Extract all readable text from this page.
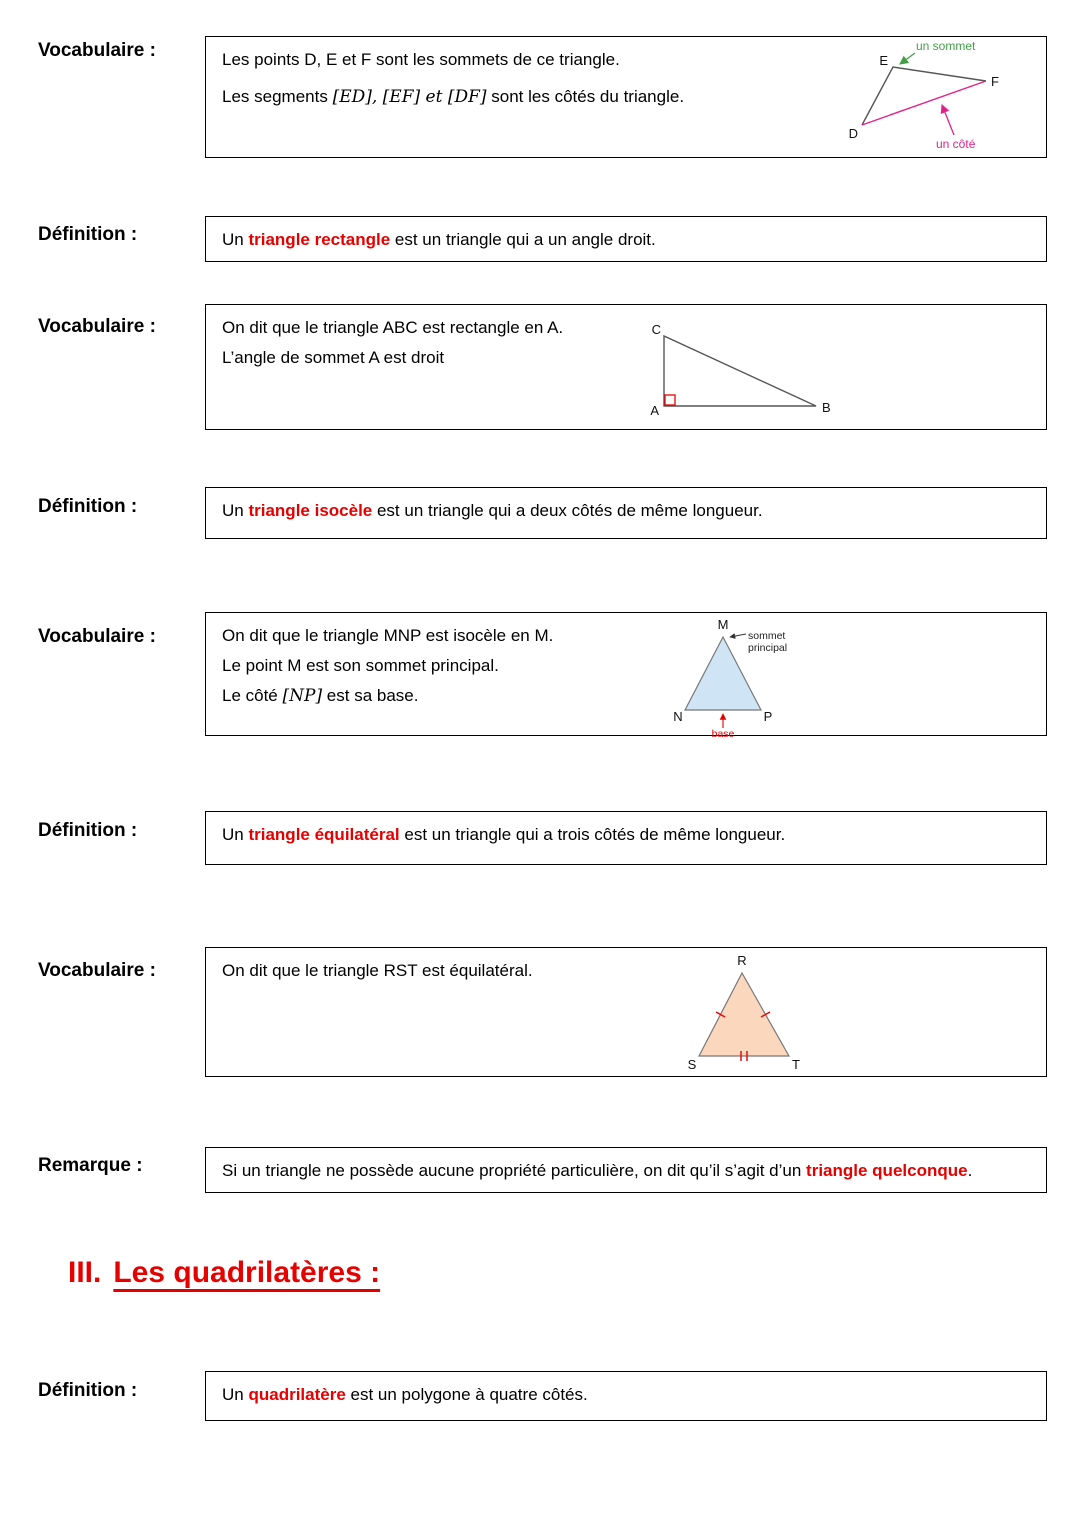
Vocabulaire :	Les points D, E et F sont les sommets de ce triangle.

Les segments [ED], [EF] et [DF] sont les côtés du triangle.

E
F
D
un sommet
un côté
Définition :	Un triangle rectangle est un triangle qui a un angle droit.

Vocabulaire :	On dit que le triangle ABC est rectangle en A.

L’angle de sommet A est droit

C
A	B
Définition :	Un triangle isocèle est un triangle qui a deux côtés de même longueur.

Vocabulaire :	On dit que le triangle MNP est isocèle en M.

Le point M est son sommet principal.

Le côté [NP] est sa base.

M
N	P
sommet
principal
base
Définition :	Un triangle équilatéral est un triangle qui a trois côtés de même longueur.

Vocabulaire :	On dit que le triangle RST est équilatéral.

R
S	T
Remarque :	Si un triangle ne possède aucune propriété particulière, on dit qu’il s’agit d’un triangle quelconque.

III. Les quadrilatères :
Définition :	Un quadrilatère est un polygone à quatre côtés.
